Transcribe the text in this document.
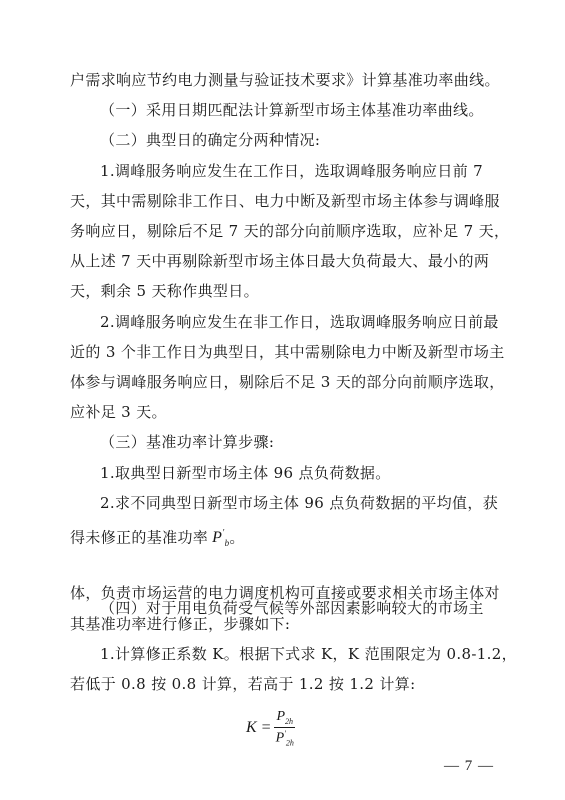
户需求响应节约电力测量与验证技术要求》计算基准功率曲线。
（一）采用日期匹配法计算新型市场主体基准功率曲线。
（二）典型日的确定分两种情况:
1.调峰服务响应发生在工作日，选取调峰服务响应日前 7
天，其中需剔除非工作日、电力中断及新型市场主体参与调峰服
务响应日，剔除后不足 7 天的部分向前顺序选取，应补足 7 天，
从上述 7 天中再剔除新型市场主体日最大负荷最大、最小的两
天，剩余 5 天称作典型日。
2.调峰服务响应发生在非工作日，选取调峰服务响应日前最
近的 3 个非工作日为典型日，其中需剔除电力中断及新型市场主
体参与调峰服务响应日，剔除后不足 3 天的部分向前顺序选取，
应补足 3 天。
（三）基准功率计算步骤:
1.取典型日新型市场主体 96 点负荷数据。
2.求不同典型日新型市场主体 96 点负荷数据的平均值，获
得未修正的基准功率 $P'_b$。
（四）对于用电负荷受气候等外部因素影响较大的市场主
体，负责市场运营的电力调度机构可直接或要求相关市场主体对
其基准功率进行修正，步骤如下:
$K = \frac{P_{2h}}{P'_{2h}}$
— 7 —
1.计算修正系数 K。根据下式求 K，K 范围限定为 0.8-1.2，
若低于 0.8 按 0.8 计算，若高于 1.2 按 1.2 计算:
